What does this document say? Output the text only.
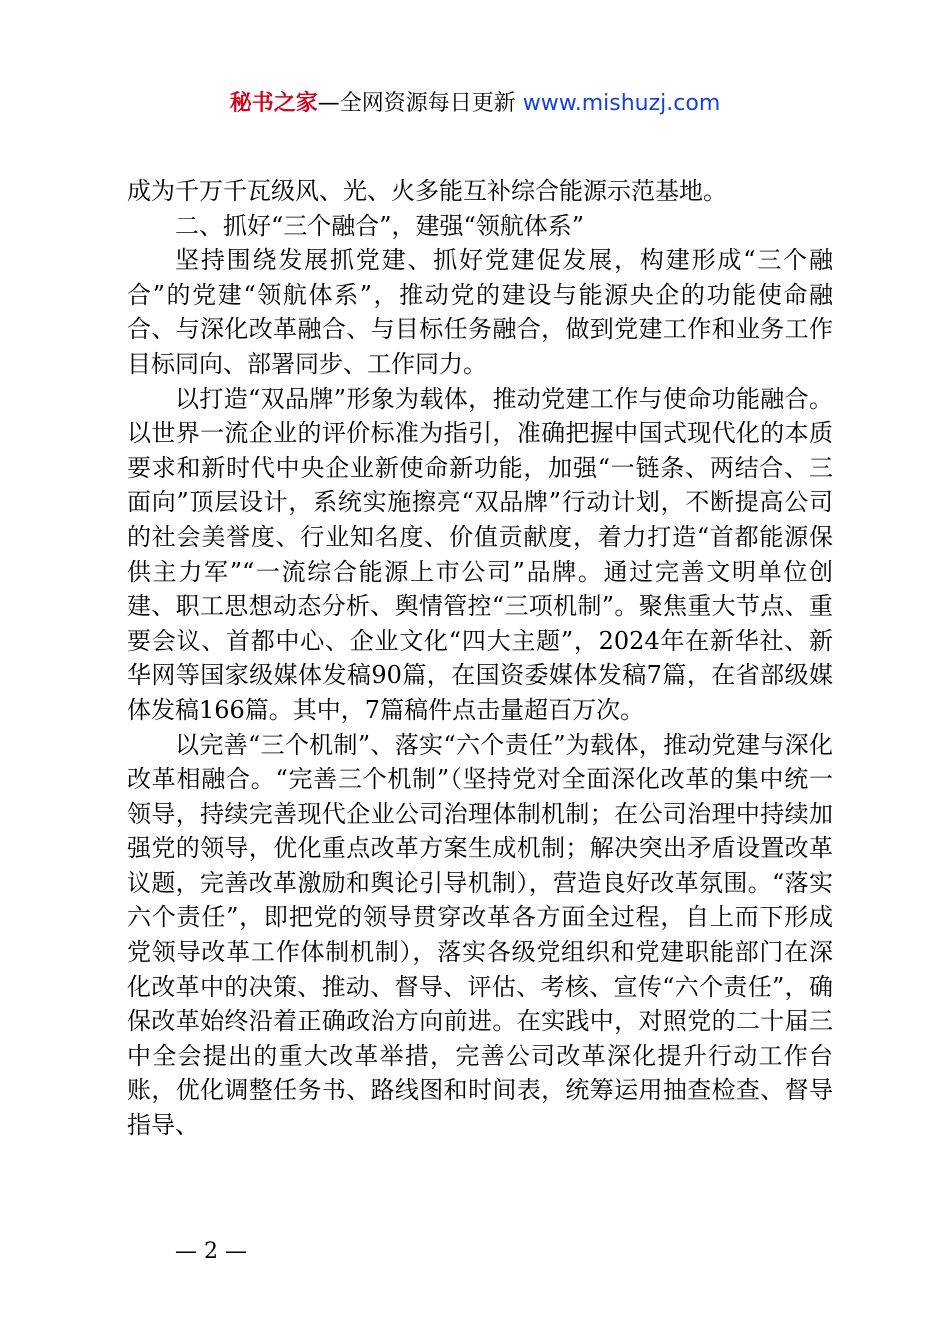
秘书之家—全网资源每日更新 www.mishuzj.com

成为千万千瓦级风、光、火多能互补综合能源示范基地。

二、抓好“三个融合”，建强“领航体系”

坚持围绕发展抓党建、抓好党建促发展，构建形成“三个融合”的党建“领航体系”，推动党的建设与能源央企的功能使命融合、与深化改革融合、与目标任务融合，做到党建工作和业务工作目标同向、部署同步、工作同力。

以打造“双品牌”形象为载体，推动党建工作与使命功能融合。以世界一流企业的评价标准为指引，准确把握中国式现代化的本质要求和新时代中央企业新使命新功能，加强“一链条、两结合、三面向”顶层设计，系统实施擦亮“双品牌”行动计划，不断提高公司的社会美誉度、行业知名度、价值贡献度，着力打造“首都能源保供主力军”“一流综合能源上市公司”品牌。通过完善文明单位创建、职工思想动态分析、舆情管控“三项机制”。聚焦重大节点、重要会议、首都中心、企业文化“四大主题”，2024年在新华社、新华网等国家级媒体发稿90篇，在国资委媒体发稿7篇，在省部级媒体发稿166篇。其中，7篇稿件点击量超百万次。

以完善“三个机制”、落实“六个责任”为载体，推动党建与深化改革相融合。“完善三个机制”（坚持党对全面深化改革的集中统一领导，持续完善现代企业公司治理体制机制；在公司治理中持续加强党的领导，优化重点改革方案生成机制；解决突出矛盾设置改革议题，完善改革激励和舆论引导机制），营造良好改革氛围。“落实六个责任”，即把党的领导贯穿改革各方面全过程，自上而下形成党领导改革工作体制机制），落实各级党组织和党建职能部门在深化改革中的决策、推动、督导、评估、考核、宣传“六个责任”，确保改革始终沿着正确政治方向前进。在实践中，对照党的二十届三中全会提出的重大改革举措，完善公司改革深化提升行动工作台账，优化调整任务书、路线图和时间表，统筹运用抽查检查、督导指导、

— 2 —
